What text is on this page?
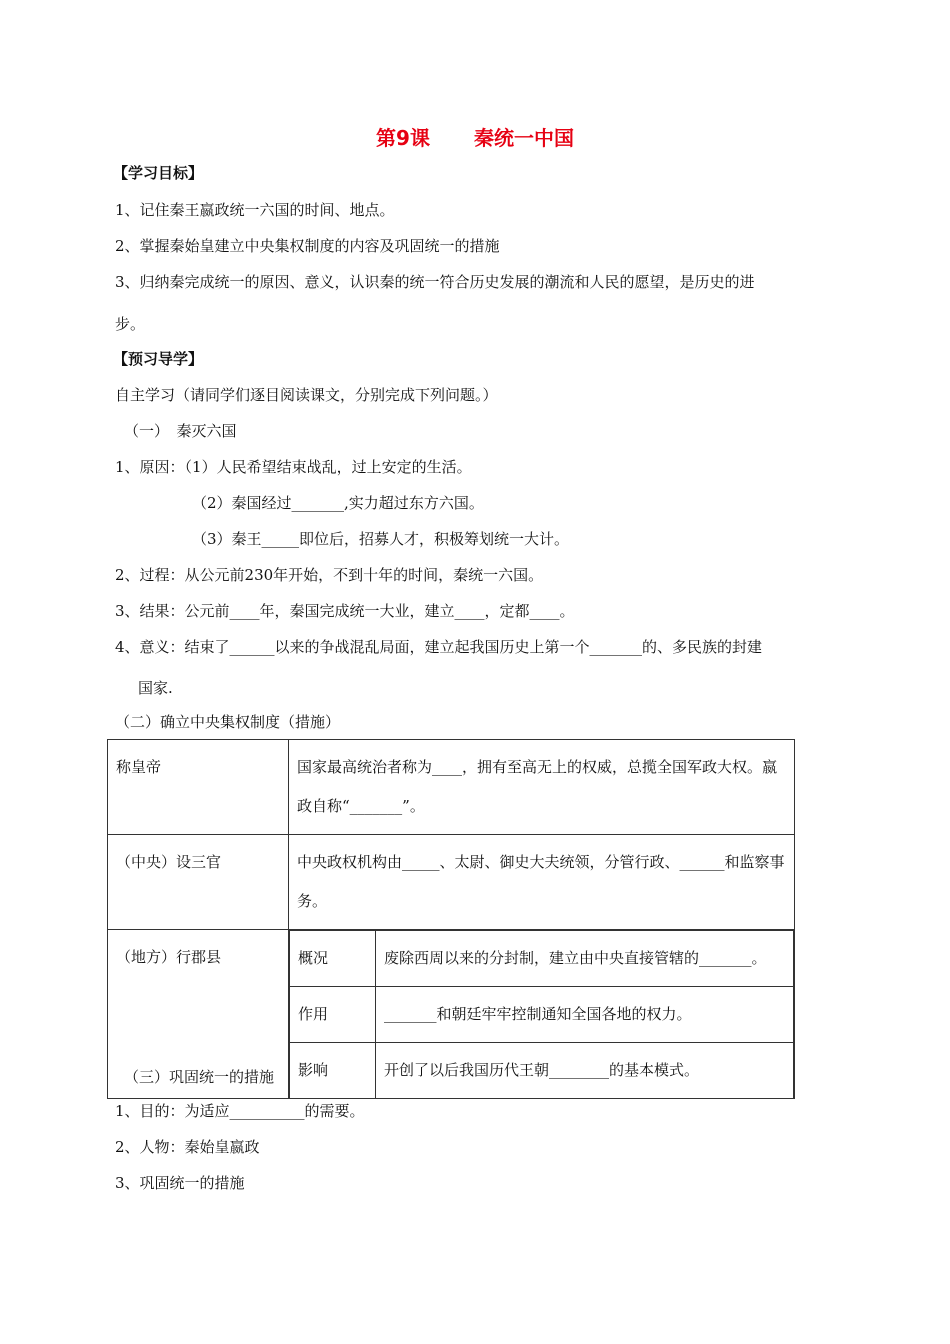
第9课 秦统一中国
【学习目标】
1、记住秦王嬴政统一六国的时间、地点。
2、掌握秦始皇建立中央集权制度的内容及巩固统一的措施
3、归纳秦完成统一的原因、意义，认识秦的统一符合历史发展的潮流和人民的愿望，是历史的进
步。
【预习导学】
自主学习（请同学们逐目阅读课文，分别完成下列问题。）
（一）　秦灭六国
1、原因：（1）人民希望结束战乱，过上安定的生活。
（2）秦国经过_______,实力超过东方六国。
（3）秦王_____即位后，招募人才，积极筹划统一大计。
2、过程：从公元前230年开始，不到十年的时间，秦统一六国。
3、结果：公元前____年，秦国完成统一大业，建立____，定都____。
4、意义：结束了______以来的争战混乱局面，建立起我国历史上第一个_______的、多民族的封建
国家.
（二）确立中央集权制度（措施）
称皇帝	国家最高统治者称为____，拥有至高无上的权威，总揽全国军政大权。嬴政自称“_______”。
（中央）设三官	中央政权机构由_____、太尉、御史大夫统领，分管行政、______和监察事务。
（地方）行郡县		概况	废除西周以来的分封制，建立由中央直接管辖的_______。
作用	_______和朝廷牢牢控制通知全国各地的权力。
影响	开创了以后我国历代王朝________的基本模式。
（三）巩固统一的措施
1、目的：为适应__________的需要。
2、人物：秦始皇嬴政
3、巩固统一的措施
